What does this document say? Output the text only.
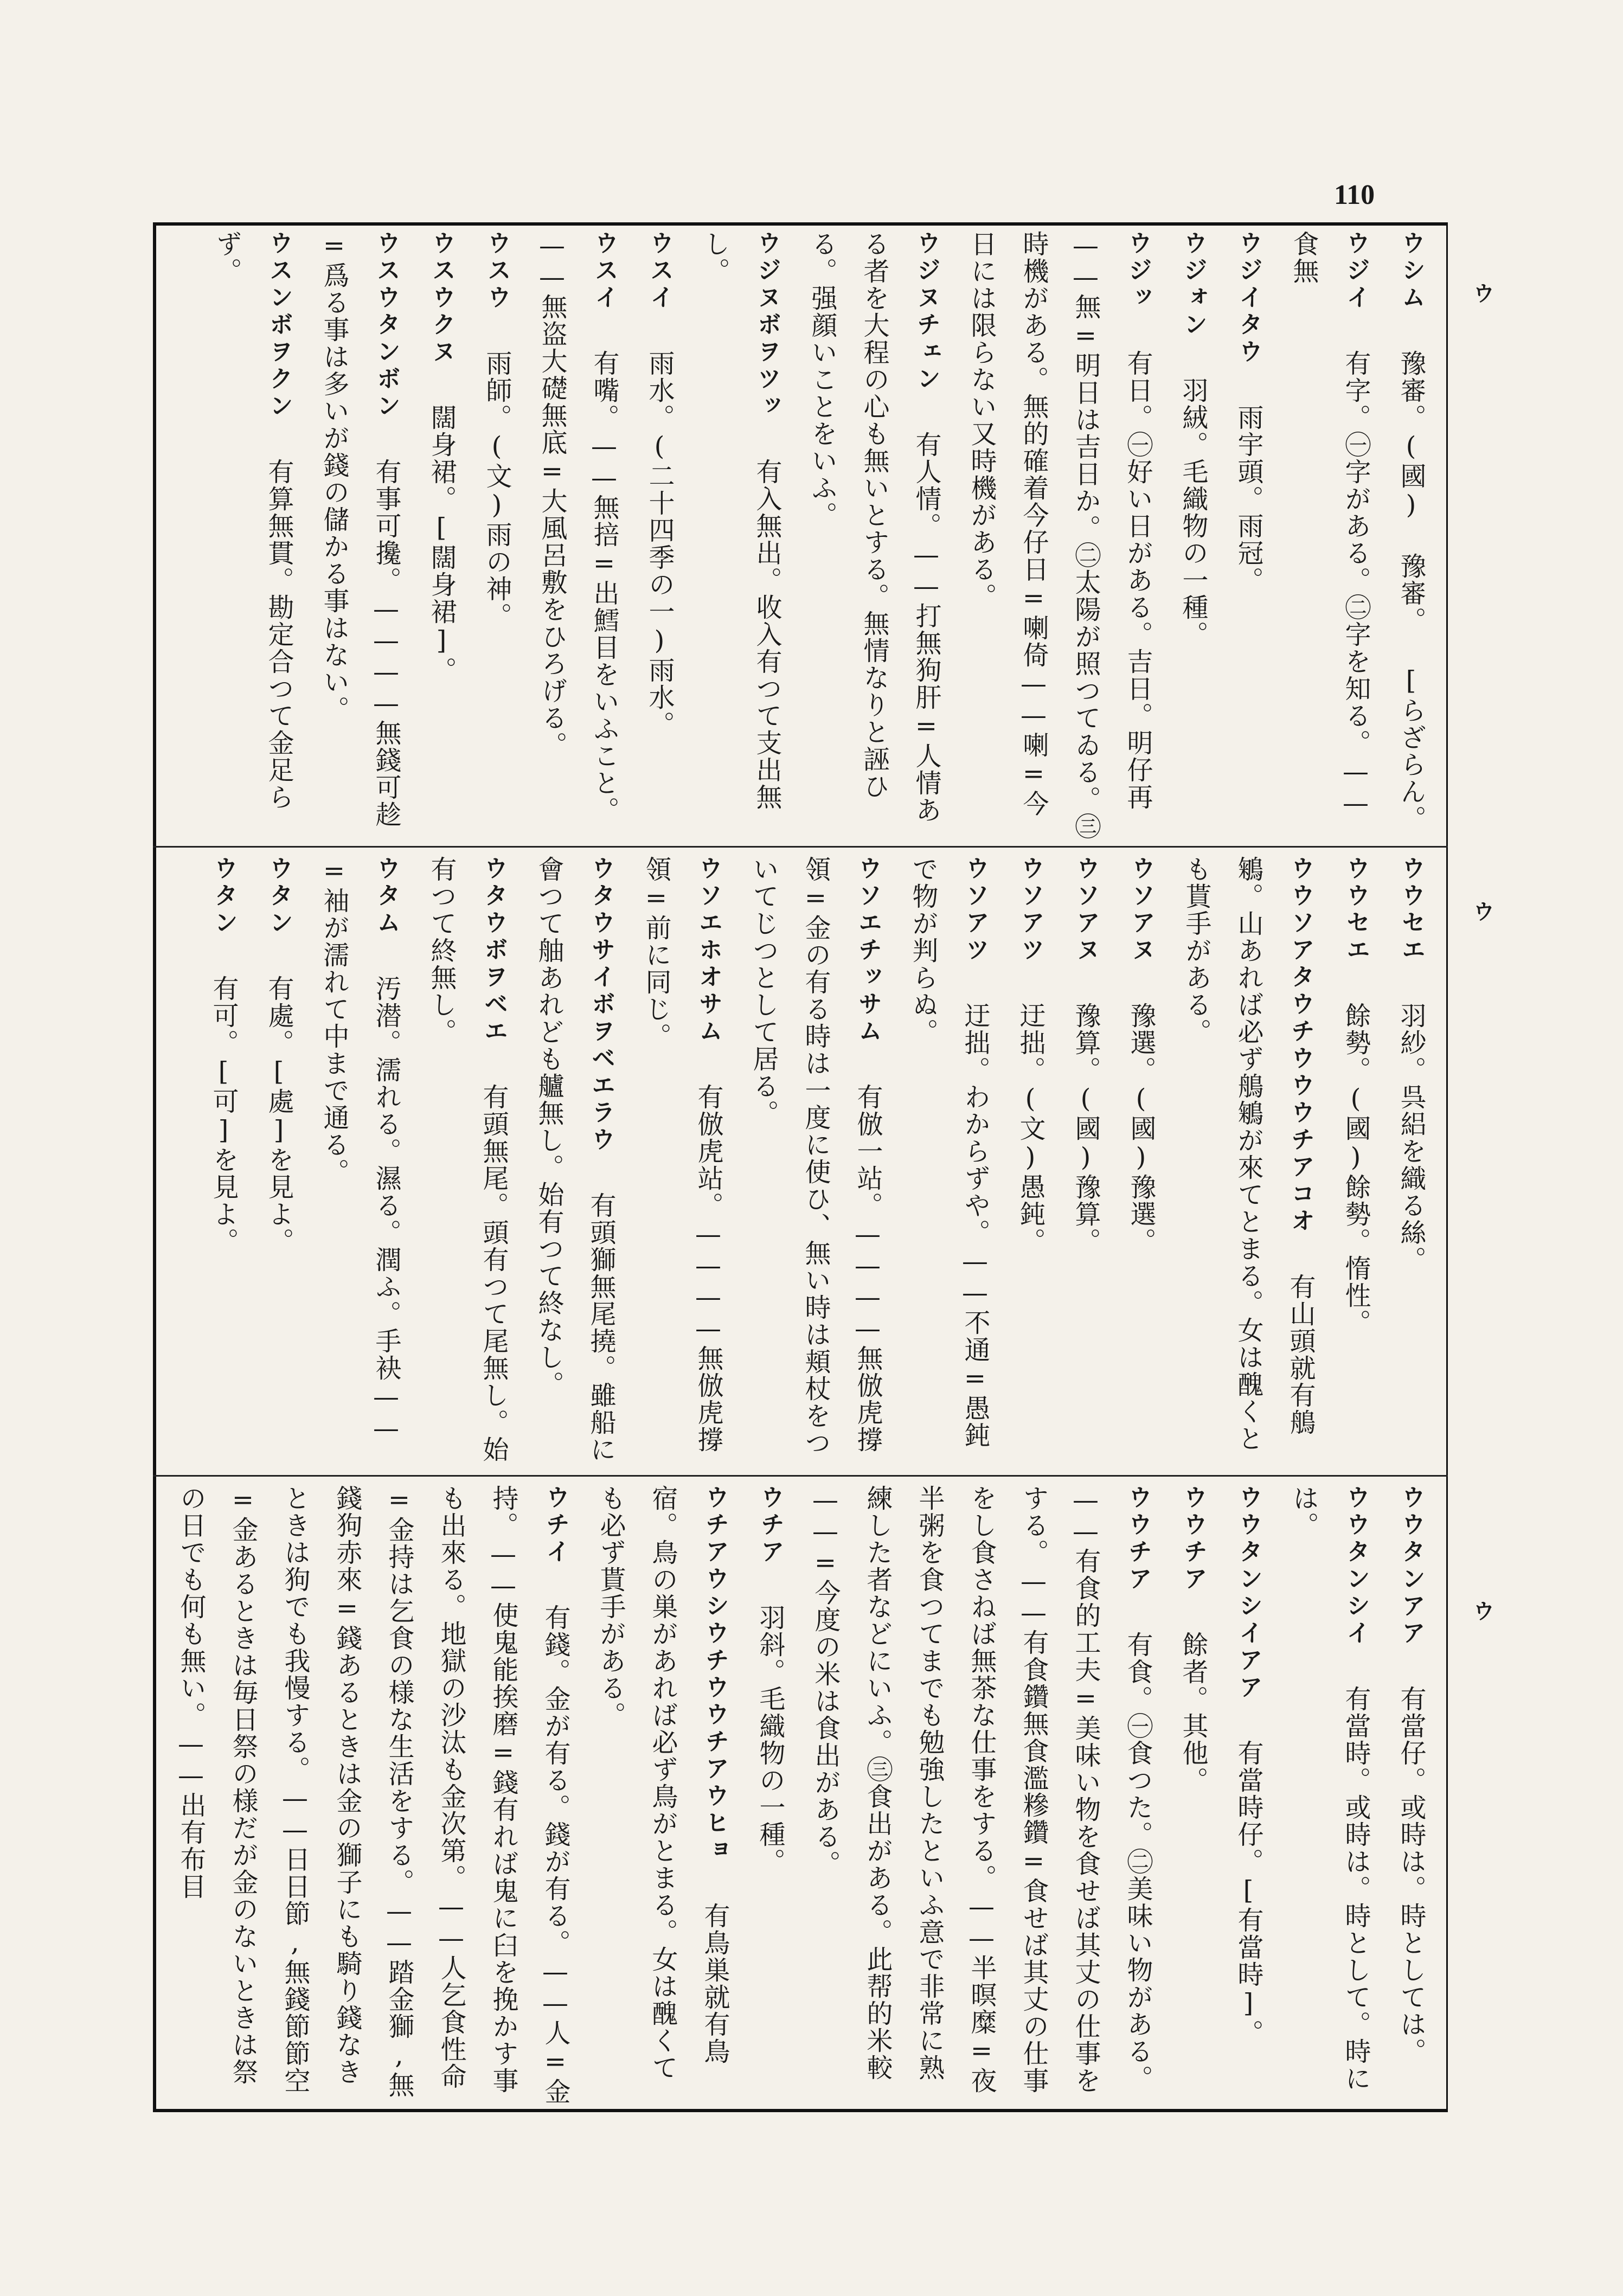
110
ウ
ウ
ウ
ウシム 豫審。(國) 豫審。 [らざらん。
ウジイ 有字。㊀字がある。㊁字を知る。——食無
ウジイタウ 雨宇頭。雨冠。
ウジォン 羽絨。毛織物の一種。
ウジッ 有日。㊀好い日がある。吉日。明仔再——無=明日は吉日か。㊁太陽が照つてゐる。㊂時機がある。無的確着今仔日=喇倚——喇=今日には限らない又時機がある。
ウジヌチェン 有人情。——打無狗肝=人情ある者を大程の心も無いとする。無情なりと誣ひる。强顔いことをいふ。
ウジヌボヲツッ 有入無出。收入有つて支出無し。
ウスイ 雨水。(二十四季の一)雨水。
ウスイ 有嘴。——無掊=出鱈目をいふこと。——無盗大礎無底=大風呂敷をひろげる。
ウスウ 雨師。(文)雨の神。
ウスウクヌ 闊身裙。[闊身裙]。
ウスウタンボン 有事可攙。————無錢可趁=爲る事は多いが錢の儲かる事はない。
ウスンボヲクン 有算無貫。勘定合つて金足らず。
ウウセエ 羽紗。呉絽を織る絲。
ウウセエ 餘勢。(國)餘勢。惰性。
ウウソアタウチウウウチアコオ 有山頭就有鵃鵴。山あれば必ず鵃鵴が來てとまる。女は醜くとも貰手がある。
ウソアヌ 豫選。(國)豫選。
ウソアヌ 豫算。(國)豫算。
ウソアツ 迂拙。(文)愚鈍。
ウソアツ 迂拙。わからずや。——不通=愚鈍で物が判らぬ。
ウソエチッサム 有倣一站。————無倣虎撐領=金の有る時は一度に使ひ、無い時は頬杖をついてじつとして居る。
ウソエホオサム 有倣虎站。————無倣虎撐領=前に同じ。
ウタウサイボヲベエラウ 有頭獅無尾撓。雖船に會つて舳あれども艫無し。始有つて終なし。
ウタウボヲベエ 有頭無尾。頭有つて尾無し。始有つて終無し。
ウタム 汚潜。濡れる。濕る。潤ふ。手袂——=袖が濡れて中まで通る。
ウタン 有處。[處]を見よ。
ウタン 有可。[可]を見よ。
ウウタンアア 有當仔。或時は。時としては。
ウウタンシイ 有當時。或時は。時として。時には。
ウウタンシイアア 有當時仔。[有當時]。
ウウチア 餘者。其他。
ウウチア 有食。㊀食つた。㊁美味い物がある。——有食的工夫=美味い物を食せば其丈の仕事をする。——有食鑽無食濫糝鑽=食せば其丈の仕事をし食さねば無茶な仕事をする。——半暝糜=夜半粥を食つてまでも勉強したといふ意で非常に熟練した者などにいふ。㊂食出がある。此帮的米較——=今度の米は食出がある。
ウチア 羽斜。毛織物の一種。
ウチアウシウチウウチアウヒョ 有鳥巣就有鳥宿。鳥の巣があれば必ず鳥がとまる。女は醜くても必ず貰手がある。
ウチイ 有錢。金が有る。錢が有る。——人=金持。——使鬼能挨磨=錢有れば鬼に臼を挽かす事も出來る。地獄の沙汰も金次第。——人乞食性命=金持は乞食の様な生活をする。——踏金獅,無錢狗赤來=錢あるときは金の獅子にも騎り錢なきときは狗でも我慢する。——日日節,無錢節節空=金あるときは毎日祭の様だが金のないときは祭の日でも何も無い。——出有布目
